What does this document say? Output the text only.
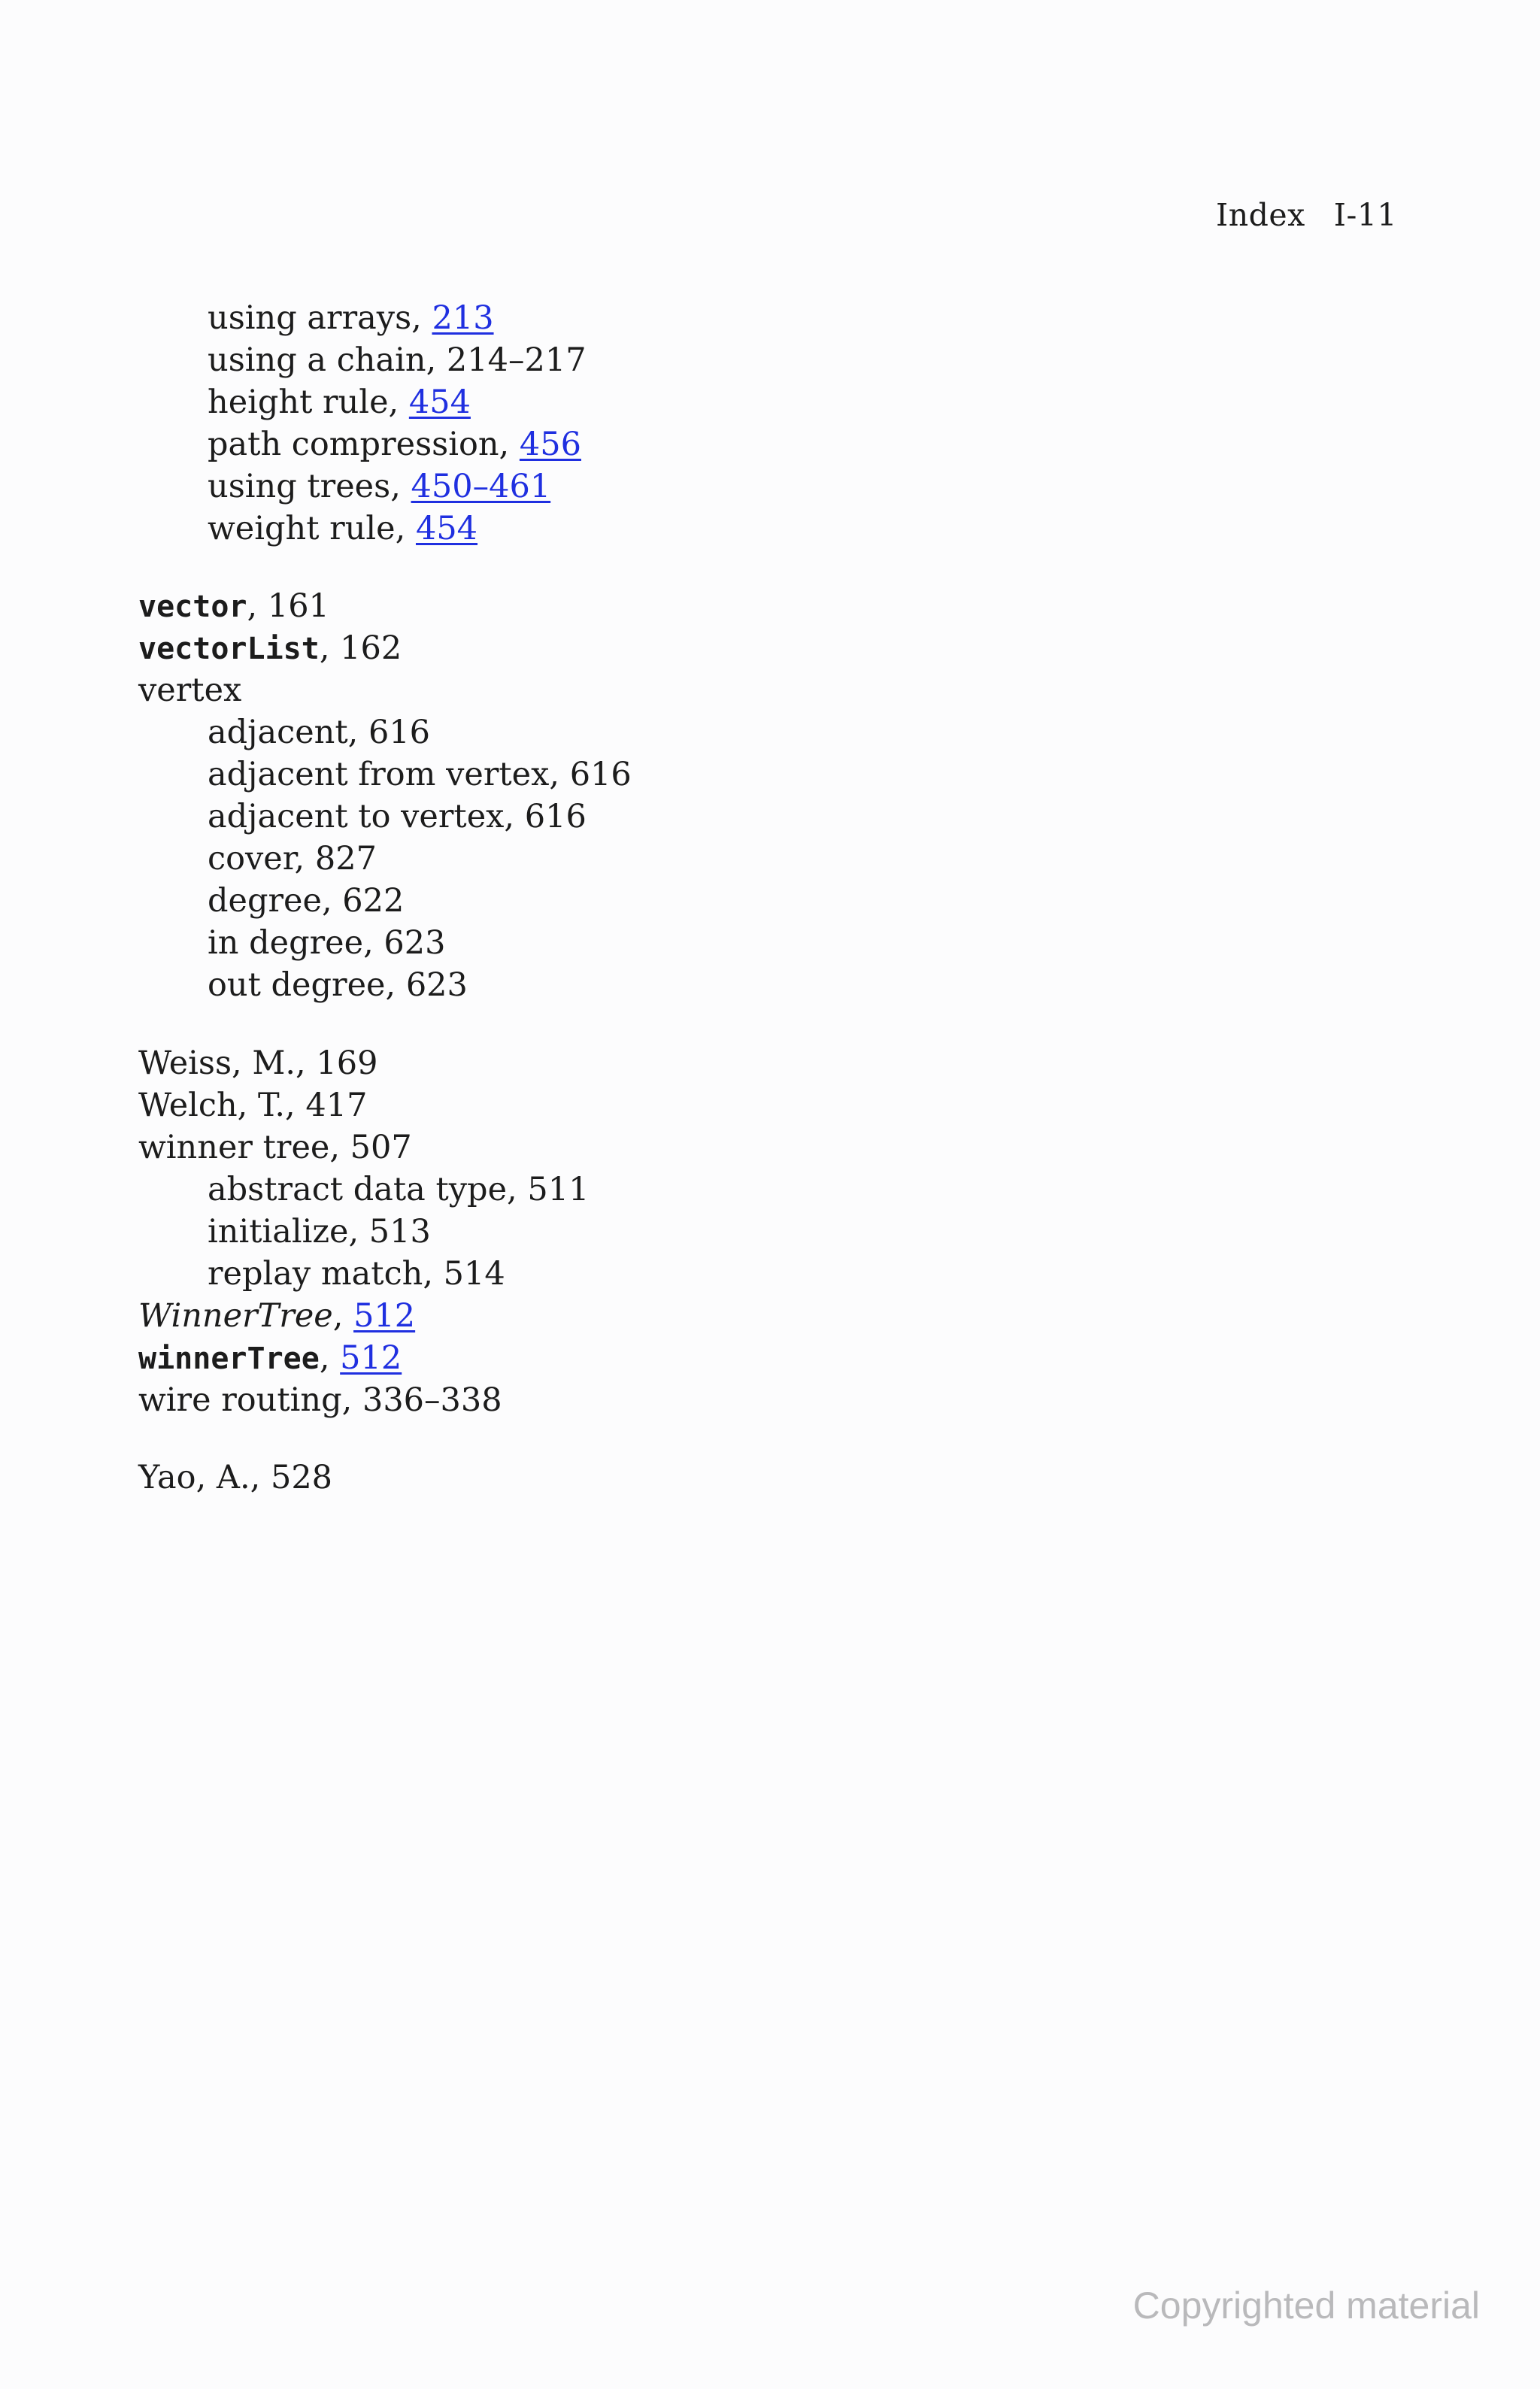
Index I-11
using arrays, 213
using a chain, 214–217
height rule, 454
path compression, 456
using trees, 450–461
weight rule, 454
vector, 161
vectorList, 162
vertex
adjacent, 616
adjacent from vertex, 616
adjacent to vertex, 616
cover, 827
degree, 622
in degree, 623
out degree, 623
Weiss, M., 169
Welch, T., 417
winner tree, 507
abstract data type, 511
initialize, 513
replay match, 514
WinnerTree, 512
winnerTree, 512
wire routing, 336–338
Yao, A., 528
Copyrighted material
